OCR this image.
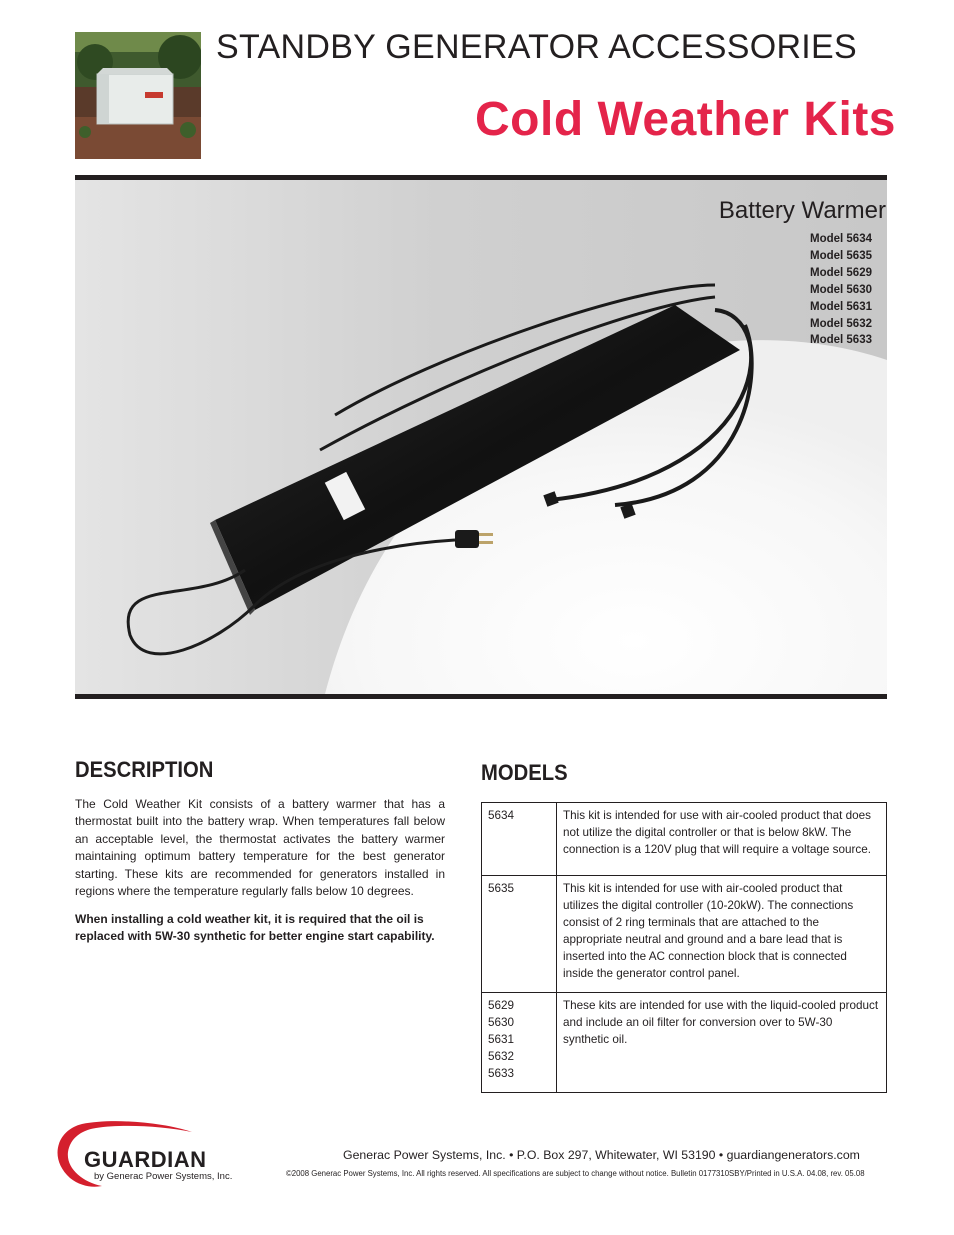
STANDBY GENERATOR ACCESSORIES
Cold Weather Kits
Battery Warmer
Model 5634
Model 5635
Model 5629
Model 5630
Model 5631
Model 5632
Model 5633
DESCRIPTION

The Cold Weather Kit consists of a battery warmer that has a thermostat built into the battery wrap. When temperatures fall below an acceptable level, the thermostat activates the battery warmer maintaining optimum battery temperature for the best generator starting. These kits are recommended for generators installed in regions where the temperature regularly falls below 10 degrees.

When installing a cold weather kit, it is required that the oil is replaced with 5W-30 synthetic for better engine start capability.

MODELS
5634	This kit is intended for use with air-cooled product that does not utilize the digital controller or that is below 8kW. The connection is a 120V plug that will require a voltage source.

5635	This kit is intended for use with air-cooled product that utilizes the digital controller (10-20kW). The connections consist of 2 ring terminals that are attached to the appropriate neutral and ground and a bare lead that is inserted into the AC connection block that is connected inside the generator control panel.

5629
5630
5631
5632
5633	These kits are intended for use with the liquid-cooled product and include an oil filter for conversion over to 5W-30 synthetic oil.
GUARDIAN
by Generac Power Systems, Inc.
Generac Power Systems, Inc. • P.O. Box 297, Whitewater, WI 53190 • guardiangenerators.com
©2008 Generac Power Systems, Inc. All rights reserved. All specifications are subject to change without notice. Bulletin 0177310SBY/Printed in U.S.A. 04.08, rev. 05.08
